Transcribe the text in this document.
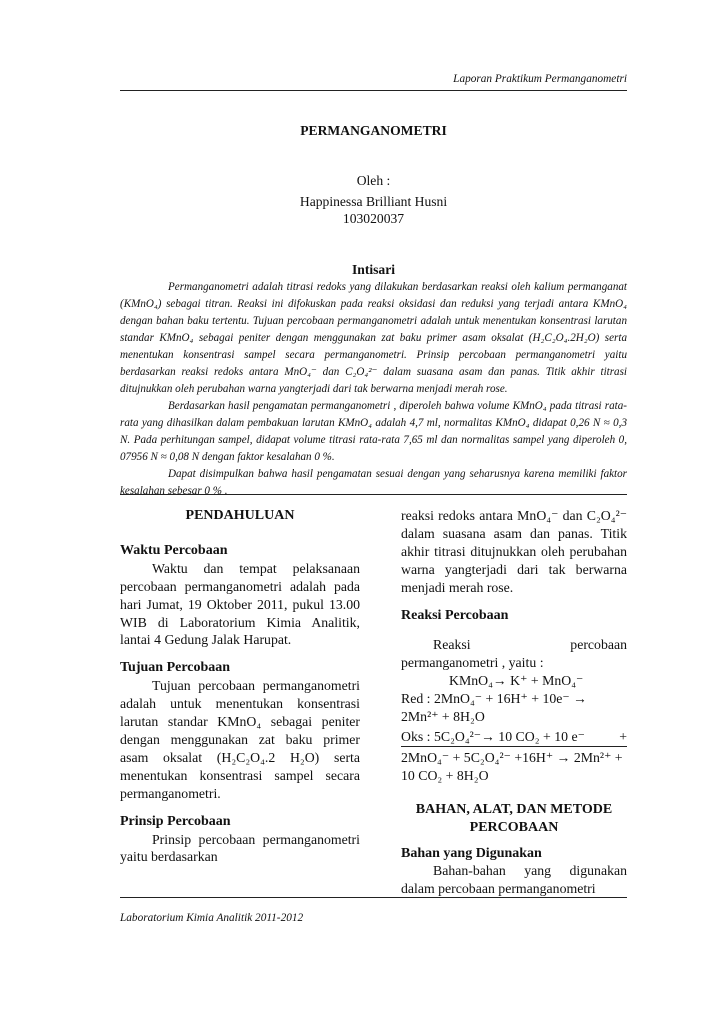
Laporan Praktikum Permanganometri
PERMANGANOMETRI
Oleh :
Happinessa Brilliant Husni
103020037
Intisari

Permanganometri adalah titrasi redoks yang dilakukan berdasarkan reaksi oleh kalium permanganat (KMnO₄) sebagai titran. Reaksi ini difokuskan pada reaksi oksidasi dan reduksi yang terjadi antara KMnO₄ dengan bahan baku tertentu. Tujuan percobaan permanganometri adalah untuk menentukan konsentrasi larutan standar KMnO₄ sebagai peniter dengan menggunakan zat baku primer asam oksalat (H₂C₂O₄.2H₂O) serta menentukan konsentrasi sampel secara permanganometri. Prinsip percobaan permanganometri yaitu berdasarkan reaksi redoks antara MnO₄⁻ dan C₂O₄²⁻ dalam suasana asam dan panas. Titik akhir titrasi ditujnukkan oleh perubahan warna yangterjadi dari tak berwarna menjadi merah rose.

Berdasarkan hasil pengamatan permanganometri , diperoleh bahwa volume KMnO₄ pada titrasi rata-rata yang dihasilkan dalam pembakuan larutan KMnO₄ adalah 4,7 ml, normalitas KMnO₄ didapat 0,26 N ≈ 0,3 N. Pada perhitungan sampel, didapat volume titrasi rata-rata 7,65 ml dan normalitas sampel yang diperoleh 0, 07956 N ≈ 0,08 N dengan faktor kesalahan 0 %.

Dapat disimpulkan bahwa hasil pengamatan sesuai dengan yang seharusnya karena memiliki faktor kesalahan sebesar 0 % .

PENDAHULUAN

Waktu Percobaan

Waktu dan tempat pelaksanaan percobaan permanganometri adalah pada hari Jumat, 19 Oktober 2011, pukul 13.00 WIB di Laboratorium Kimia Analitik, lantai 4 Gedung Jalak Harupat.

Tujuan Percobaan

Tujuan percobaan permanganometri adalah untuk menentukan konsentrasi larutan standar KMnO₄ sebagai peniter dengan menggunakan zat baku primer asam oksalat (H₂C₂O₄.2 H₂O) serta menentukan konsentrasi sampel secara permanganometri.

Prinsip Percobaan

Prinsip percobaan permanganometri yaitu berdasarkan

reaksi redoks antara MnO₄⁻ dan C₂O₄²⁻ dalam suasana asam dan panas. Titik akhir titrasi ditujnukkan oleh perubahan warna yangterjadi dari tak berwarna menjadi merah rose.

Reaksi Percobaan

Reaksi percobaan permanganometri , yaitu :

KMnO₄→ K⁺ + MnO₄⁻

Red : 2MnO₄⁻ + 16H⁺ + 10e⁻ →

2Mn²⁺ + 8H₂O

Oks : 5C₂O₄²⁻→ 10 CO₂ + 10 e⁻ +

2MnO₄⁻ + 5C₂O₄²⁻ +16H⁺ → 2Mn²⁺ +

10 CO₂ + 8H₂O

BAHAN, ALAT, DAN METODE PERCOBAAN

Bahan yang Digunakan

Bahan-bahan yang digunakan dalam percobaan permanganometri

Laboratorium Kimia Analitik 2011-2012
